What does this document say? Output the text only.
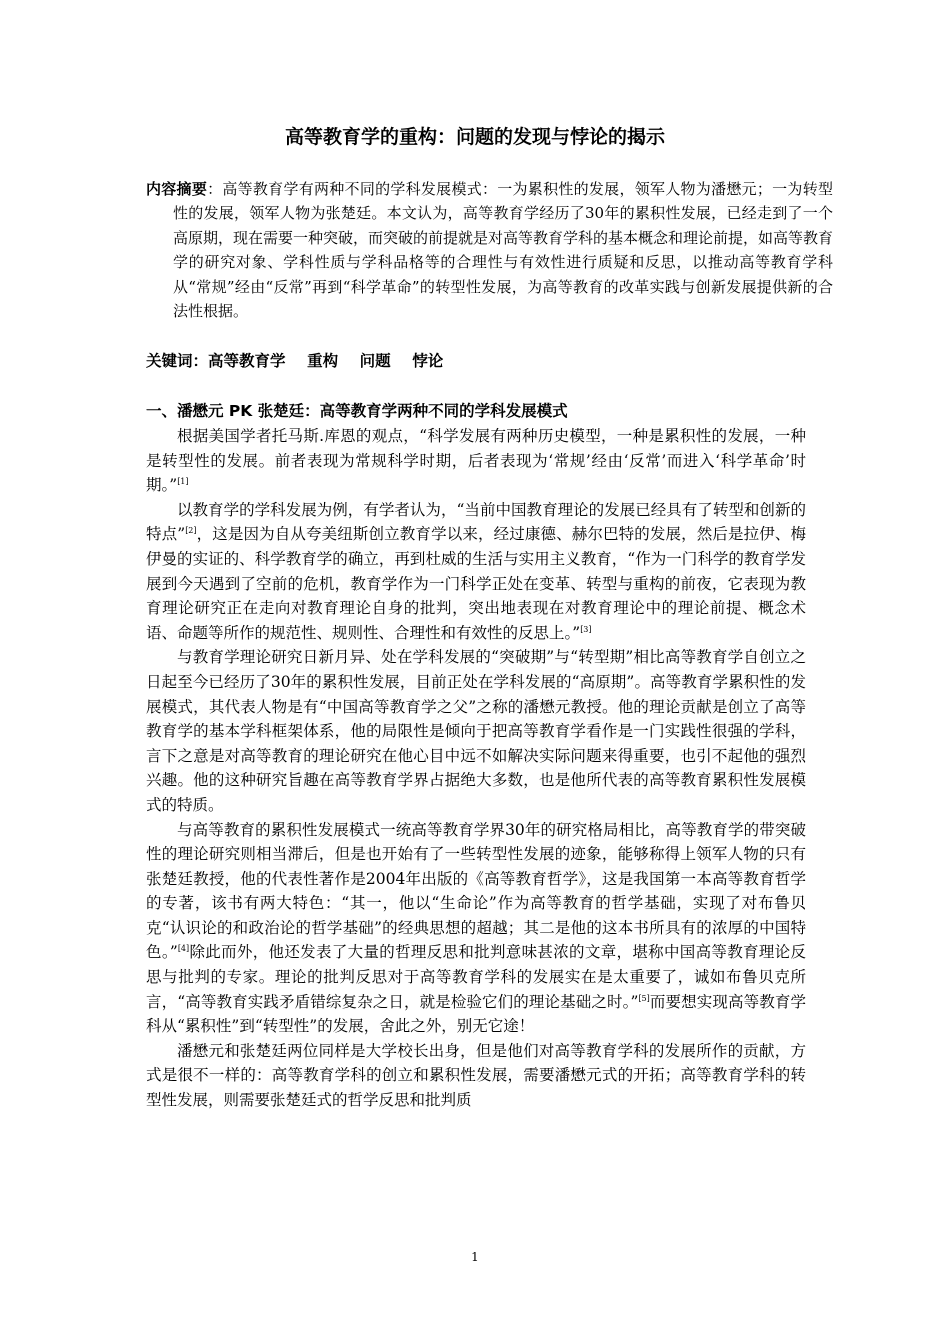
高等教育学的重构：问题的发现与悖论的揭示
内容摘要：高等教育学有两种不同的学科发展模式：一为累积性的发展，领军人物为潘懋元；一为转型性的发展，领军人物为张楚廷。本文认为，高等教育学经历了30年的累积性发展，已经走到了一个高原期，现在需要一种突破，而突破的前提就是对高等教育学科的基本概念和理论前提，如高等教育学的研究对象、学科性质与学科品格等的合理性与有效性进行质疑和反思，以推动高等教育学科从“常规”经由“反常”再到“科学革命”的转型性发展，为高等教育的改革实践与创新发展提供新的合法性根据。
关键词：高等教育学    重构    问题    悖论
一、潘懋元 PK 张楚廷：高等教育学两种不同的学科发展模式

根据美国学者托马斯.库恩的观点，“科学发展有两种历史模型，一种是累积性的发展，一种是转型性的发展。前者表现为常规科学时期，后者表现为‘常规’经由‘反常’而进入‘科学革命’时期。”[1]

以教育学的学科发展为例，有学者认为，“当前中国教育理论的发展已经具有了转型和创新的特点”[2]，这是因为自从夸美纽斯创立教育学以来，经过康德、赫尔巴特的发展，然后是拉伊、梅伊曼的实证的、科学教育学的确立，再到杜威的生活与实用主义教育，“作为一门科学的教育学发展到今天遇到了空前的危机，教育学作为一门科学正处在变革、转型与重构的前夜，它表现为教育理论研究正在走向对教育理论自身的批判，突出地表现在对教育理论中的理论前提、概念术语、命题等所作的规范性、规则性、合理性和有效性的反思上。”[3]

与教育学理论研究日新月异、处在学科发展的“突破期”与“转型期”相比高等教育学自创立之日起至今已经历了30年的累积性发展，目前正处在学科发展的“高原期”。高等教育学累积性的发展模式，其代表人物是有“中国高等教育学之父”之称的潘懋元教授。他的理论贡献是创立了高等教育学的基本学科框架体系，他的局限性是倾向于把高等教育学看作是一门实践性很强的学科，言下之意是对高等教育的理论研究在他心目中远不如解决实际问题来得重要，也引不起他的强烈兴趣。他的这种研究旨趣在高等教育学界占据绝大多数，也是他所代表的高等教育累积性发展模式的特质。

与高等教育的累积性发展模式一统高等教育学界30年的研究格局相比，高等教育学的带突破性的理论研究则相当滞后，但是也开始有了一些转型性发展的迹象，能够称得上领军人物的只有张楚廷教授，他的代表性著作是2004年出版的《高等教育哲学》，这是我国第一本高等教育哲学的专著，该书有两大特色：“其一，他以“生命论”作为高等教育的哲学基础，实现了对布鲁贝克“认识论的和政治论的哲学基础”的经典思想的超越；其二是他的这本书所具有的浓厚的中国特色。”[4]除此而外，他还发表了大量的哲理反思和批判意味甚浓的文章，堪称中国高等教育理论反思与批判的专家。理论的批判反思对于高等教育学科的发展实在是太重要了，诚如布鲁贝克所言，“高等教育实践矛盾错综复杂之日，就是检验它们的理论基础之时。”[5]而要想实现高等教育学科从“累积性”到“转型性”的发展，舍此之外，别无它途！

潘懋元和张楚廷两位同样是大学校长出身，但是他们对高等教育学科的发展所作的贡献，方式是很不一样的：高等教育学科的创立和累积性发展，需要潘懋元式的开拓；高等教育学科的转型性发展，则需要张楚廷式的哲学反思和批判质

1
